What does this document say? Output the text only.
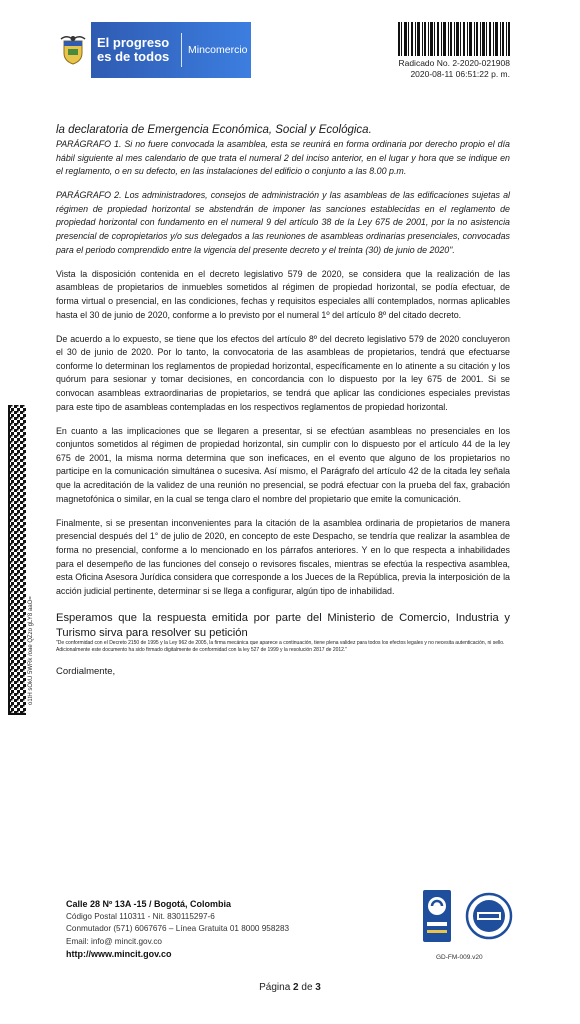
El progreso
es de todos	Mincomercio
Radicado No. 2-2020-021908
2020-08-11 06:51:22 p. m.
o1tH sOkU 5WRk /oae QZzo gLY8 aaO=
la declaratoria de Emergencia Económica, Social y Ecológica.

PARÁGRAFO 1. Si no fuere convocada la asamblea, esta se reunirá en forma ordinaria por derecho propio el día hábil siguiente al mes calendario de que trata el numeral 2 del inciso anterior, en el lugar y hora que se indique en el reglamento, o en su defecto, en las instalaciones del edificio o conjunto a las 8.00 p.m.

PARÁGRAFO 2. Los administradores, consejos de administración y las asambleas de las edificaciones sujetas al régimen de propiedad horizontal se abstendrán de imponer las sanciones establecidas en el reglamento de propiedad horizontal con fundamento en el numeral 9 del artículo 38 de la Ley 675 de 2001, por la no asistencia presencial de copropietarios y/o sus delegados a las reuniones de asambleas ordinarias presenciales, convocadas para el periodo comprendido entre la vigencia del presente decreto y el treinta (30) de junio de 2020".

Vista la disposición contenida en el decreto legislativo 579 de 2020, se considera que la realización de las asambleas de propietarios de inmuebles sometidos al régimen de propiedad horizontal, se podía efectuar, de forma virtual o presencial, en las condiciones, fechas y requisitos especiales allí contemplados, normas aplicables hasta el 30 de junio de 2020, conforme a lo previsto por el numeral 1º del artículo 8º del citado decreto.

De acuerdo a lo expuesto, se tiene que los efectos del artículo 8º del decreto legislativo 579 de 2020 concluyeron el 30 de junio de 2020. Por lo tanto, la convocatoria de las asambleas de propietarios, tendrá que efectuarse conforme lo determinan los reglamentos de propiedad horizontal, específicamente en lo atinente a su citación y los quórum para sesionar y tomar decisiones, en concordancia con lo dispuesto por la ley 675 de 2001. Si se convocan asambleas extraordinarias de propietarios, se tendrá que aplicar las condiciones especiales previstas para este tipo de asambleas contempladas en los respectivos reglamentos de propiedad horizontal.

En cuanto a las implicaciones que se llegaren a presentar, si se efectúan asambleas no presenciales en los conjuntos sometidos al régimen de propiedad horizontal, sin cumplir con lo dispuesto por el artículo 44 de la ley 675 de 2001, la misma norma determina que son ineficaces, en el evento que alguno de los propietarios no participe en la comunicación simultánea o sucesiva. Así mismo, el Parágrafo del artículo 42 de la citada ley señala que la acreditación de la validez de una reunión no presencial, se podrá efectuar con la prueba del fax, grabación magnetofónica o similar, en la cual se tenga claro el nombre del propietario que emite la comunicación.

Finalmente, si se presentan inconvenientes para la citación de la asamblea ordinaria de propietarios de manera presencial después del 1° de julio de 2020, en concepto de este Despacho, se tendría que realizar la asamblea de forma no presencial, conforme a lo mencionado en los párrafos anteriores. Y en lo que respecta a inhabilidades para el desempeño de las funciones del consejo o revisores fiscales, mientras se efectúa la respectiva asamblea, esta Oficina Asesora Jurídica considera que corresponde a los Jueces de la República, previa la interposición de la acción judicial pertinente, determinar si se llega a configurar, algún tipo de inhabilidad.

Esperamos que la respuesta emitida por parte del Ministerio de Comercio, Industria y Turismo sirva para resolver su petición

"De conformidad con el Decreto 2150 de 1995 y la Ley 962 de 2005, la firma mecánica que aparece a continuación, tiene plena validez para todos los efectos legales y no necesita autenticación, ni sello.

Adicionalmente este documento ha sido firmado digitalmente de conformidad con la ley 527 de 1999 y la resolución 2817 de 2012."

Cordialmente,

Calle 28 Nº 13A -15 / Bogotá, Colombia
Código Postal 110311 - Nit. 830115297-6
Conmutador (571) 6067676 – Línea Gratuita 01 8000 958283
Email: info@ mincit.gov.co
http://www.mincit.gov.co	GD-FM-009.v20
Página 2 de 3
